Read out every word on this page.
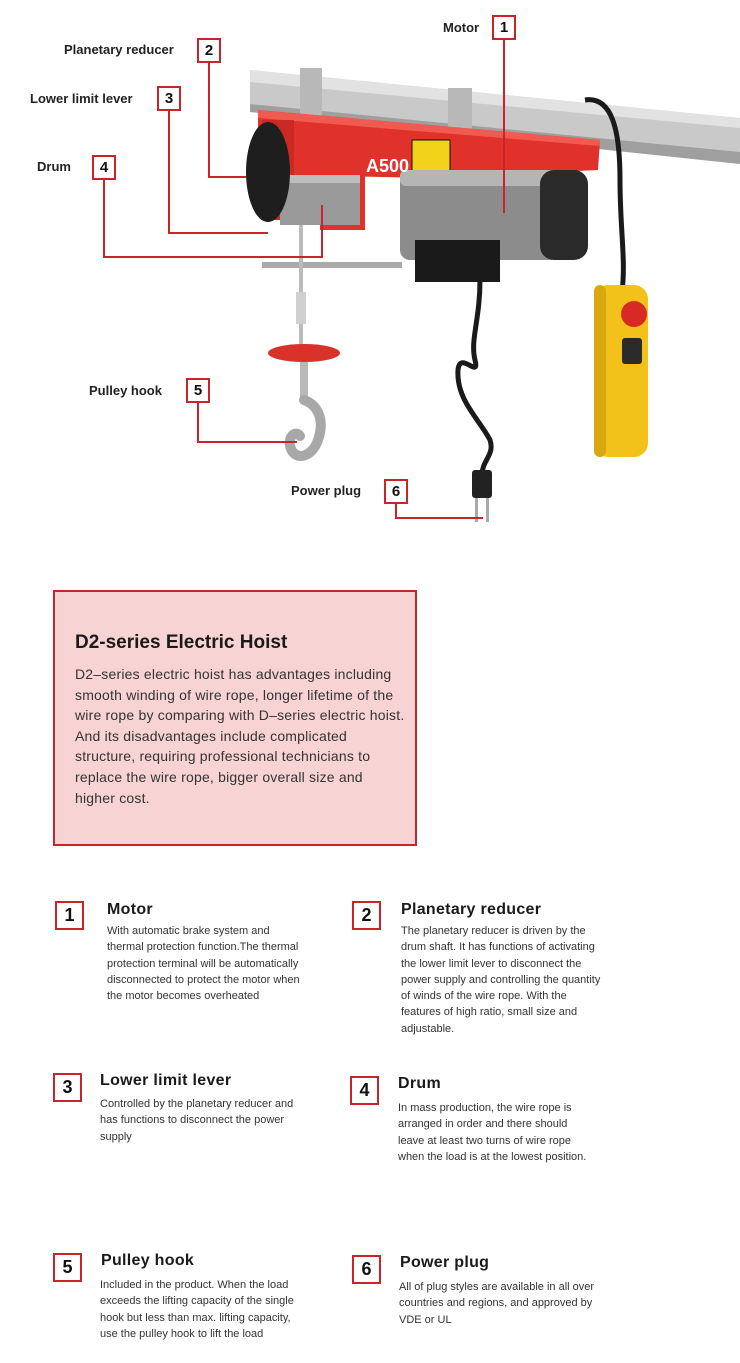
A500
Motor	1
Planetary reducer	2
Lower limit lever	3
Drum	4
Pulley hook	5
Power plug	6
D2-series Electric Hoist
D2–series electric hoist has advantages including smooth winding of wire rope, longer lifetime of the wire rope by comparing with D–series electric hoist. And its disadvantages include complicated structure, requiring professional technicians to replace the wire rope, bigger overall size and higher cost.
1	Motor
With automatic brake system and thermal protection function.The thermal protection terminal will be automatically disconnected to protect the motor when the motor becomes overheated
2	Planetary reducer
The planetary reducer is driven by the drum shaft. It has functions of activating the lower limit lever to disconnect the power supply and controlling the quantity of winds of the wire rope. With the features of high ratio, small size and adjustable.
3	Lower limit lever
Controlled by the planetary reducer and has functions to disconnect the power supply
4	Drum
In mass production, the wire rope is arranged in order and there should leave at least two turns of wire rope when the load is at the lowest position.
5	Pulley hook
Included in the product. When the load exceeds the lifting capacity of the single hook but less than max. lifting capacity, use the pulley hook to lift the load
6	Power plug
All of plug styles are available in all over countries and regions, and approved by VDE or UL
